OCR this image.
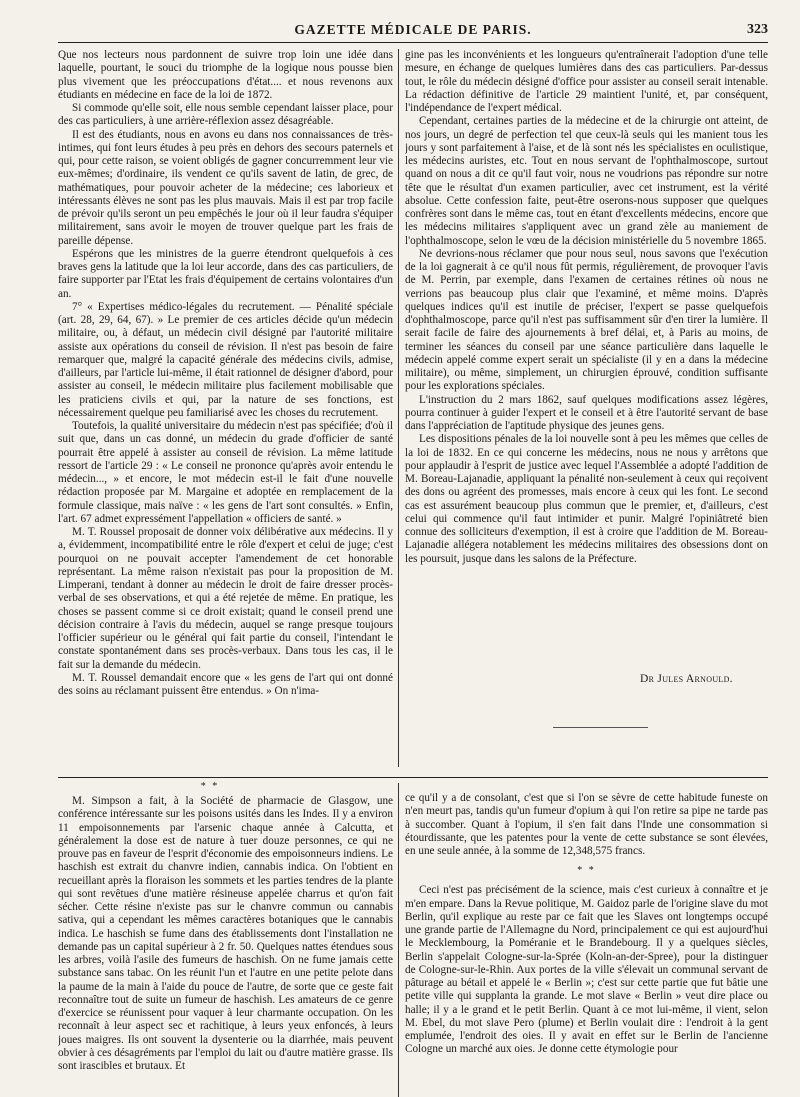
GAZETTE MÉDICALE DE PARIS.	323

Que nos lecteurs nous pardonnent de suivre trop loin une idée dans laquelle, pourtant, le souci du triomphe de la logique nous pousse bien plus vivement que les préoccupations d'état.... et nous revenons aux étudiants en médecine en face de la loi de 1872.

Si commode qu'elle soit, elle nous semble cependant laisser place, pour des cas particuliers, à une arrière-réflexion assez désagréable.

Il est des étudiants, nous en avons eu dans nos connaissances de très-intimes, qui font leurs études à peu près en dehors des secours paternels et qui, pour cette raison, se voient obligés de gagner concurremment leur vie eux-mêmes; d'ordinaire, ils vendent ce qu'ils savent de latin, de grec, de mathématiques, pour pouvoir acheter de la médecine; ces laborieux et intéressants élèves ne sont pas les plus mauvais. Mais il est par trop facile de prévoir qu'ils seront un peu empêchés le jour où il leur faudra s'équiper militairement, sans avoir le moyen de trouver quelque part les frais de pareille dépense.

Espérons que les ministres de la guerre étendront quelquefois à ces braves gens la latitude que la loi leur accorde, dans des cas particuliers, de faire supporter par l'Etat les frais d'équipement de certains volontaires d'un an.

7° « Expertises médico-légales du recrutement. — Pénalité spéciale (art. 28, 29, 64, 67). » Le premier de ces articles décide qu'un médecin militaire, ou, à défaut, un médecin civil désigné par l'autorité militaire assiste aux opérations du conseil de révision. Il n'est pas besoin de faire remarquer que, malgré la capacité générale des médecins civils, admise, d'ailleurs, par l'article lui-même, il était rationnel de désigner d'abord, pour assister au conseil, le médecin militaire plus facilement mobilisable que les praticiens civils et qui, par la nature de ses fonctions, est nécessairement quelque peu familiarisé avec les choses du recrutement.

Toutefois, la qualité universitaire du médecin n'est pas spécifiée; d'où il suit que, dans un cas donné, un médecin du grade d'officier de santé pourrait être appelé à assister au conseil de révision. La même latitude ressort de l'article 29 : « Le conseil ne prononce qu'après avoir entendu le médecin..., » et encore, le mot médecin est-il le fait d'une nouvelle rédaction proposée par M. Margaine et adoptée en remplacement de la formule classique, mais naïve : « les gens de l'art sont consultés. » Enfin, l'art. 67 admet expressément l'appellation « officiers de santé. »

M. T. Roussel proposait de donner voix délibérative aux médecins. Il y a, évidemment, incompatibilité entre le rôle d'expert et celui de juge; c'est pourquoi on ne pouvait accepter l'amendement de cet honorable représentant. La même raison n'existait pas pour la proposition de M. Limperani, tendant à donner au médecin le droit de faire dresser procès-verbal de ses observations, et qui a été rejetée de même. En pratique, les choses se passent comme si ce droit existait; quand le conseil prend une décision contraire à l'avis du médecin, auquel se range presque toujours l'officier supérieur ou le général qui fait partie du conseil, l'intendant le constate spontanément dans ses procès-verbaux. Dans tous les cas, il le fait sur la demande du médecin.

M. T. Roussel demandait encore que « les gens de l'art qui ont donné des soins au réclamant puissent être entendus. » On n'ima-

gine pas les inconvénients et les longueurs qu'entraînerait l'adoption d'une telle mesure, en échange de quelques lumières dans des cas particuliers. Par-dessus tout, le rôle du médecin désigné d'office pour assister au conseil serait intenable. La rédaction définitive de l'article 29 maintient l'unité, et, par conséquent, l'indépendance de l'expert médical.

Cependant, certaines parties de la médecine et de la chirurgie ont atteint, de nos jours, un degré de perfection tel que ceux-là seuls qui les manient tous les jours y sont parfaitement à l'aise, et de là sont nés les spécialistes en oculistique, les médecins auristes, etc. Tout en nous servant de l'ophthalmoscope, surtout quand on nous a dit ce qu'il faut voir, nous ne voudrions pas répondre sur notre tête que le résultat d'un examen particulier, avec cet instrument, est la vérité absolue. Cette confession faite, peut-être oserons-nous supposer que quelques confrères sont dans le même cas, tout en étant d'excellents médecins, encore que les médecins militaires s'appliquent avec un grand zèle au maniement de l'ophthalmoscope, selon le vœu de la décision ministérielle du 5 novembre 1865.

Ne devrions-nous réclamer que pour nous seul, nous savons que l'exécution de la loi gagnerait à ce qu'il nous fût permis, régulièrement, de provoquer l'avis de M. Perrin, par exemple, dans l'examen de certaines rétines où nous ne verrions pas beaucoup plus clair que l'examiné, et même moins. D'après quelques indices qu'il est inutile de préciser, l'expert se passe quelquefois d'ophthalmoscope, parce qu'il n'est pas suffisamment sûr d'en tirer la lumière. Il serait facile de faire des ajournements à bref délai, et, à Paris au moins, de terminer les séances du conseil par une séance particulière dans laquelle le médecin appelé comme expert serait un spécialiste (il y en a dans la médecine militaire), ou même, simplement, un chirurgien éprouvé, condition suffisante pour les explorations spéciales.

L'instruction du 2 mars 1862, sauf quelques modifications assez légères, pourra continuer à guider l'expert et le conseil et à être l'autorité servant de base dans l'appréciation de l'aptitude physique des jeunes gens.

Les dispositions pénales de la loi nouvelle sont à peu les mêmes que celles de la loi de 1832. En ce qui concerne les médecins, nous ne nous y arrêtons que pour applaudir à l'esprit de justice avec lequel l'Assemblée a adopté l'addition de M. Boreau-Lajanadie, appliquant la pénalité non-seulement à ceux qui reçoivent des dons ou agréent des promesses, mais encore à ceux qui les font. Le second cas est assurément beaucoup plus commun que le premier, et, d'ailleurs, c'est celui qui commence qu'il faut intimider et punir. Malgré l'opiniâtreté bien connue des solliciteurs d'exemption, il est à croire que l'addition de M. Boreau-Lajanadie allégera notablement les médecins militaires des obsessions dont on les poursuit, jusque dans les salons de la Préfecture.

Dr Jules Arnould.
* *

M. Simpson a fait, à la Société de pharmacie de Glasgow, une conférence intéressante sur les poisons usités dans les Indes. Il y a environ 11 empoisonnements par l'arsenic chaque année à Calcutta, et généralement la dose est de nature à tuer douze personnes, ce qui ne prouve pas en faveur de l'esprit d'économie des empoisonneurs indiens. Le haschish est extrait du chanvre indien, cannabis indica. On l'obtient en recueillant après la floraison les sommets et les parties tendres de la plante qui sont revêtues d'une matière résineuse appelée charrus et qu'on fait sécher. Cette résine n'existe pas sur le chanvre commun ou cannabis sativa, qui a cependant les mêmes caractères botaniques que le cannabis indica. Le haschish se fume dans des établissements dont l'installation ne demande pas un capital supérieur à 2 fr. 50. Quelques nattes étendues sous les arbres, voilà l'asile des fumeurs de haschish. On ne fume jamais cette substance sans tabac. On les réunit l'un et l'autre en une petite pelote dans la paume de la main à l'aide du pouce de l'autre, de sorte que ce geste fait reconnaître tout de suite un fumeur de haschish. Les amateurs de ce genre d'exercice se réunissent pour vaquer à leur charmante occupation. On les reconnaît à leur aspect sec et rachitique, à leurs yeux enfoncés, à leurs joues maigres. Ils ont souvent la dysenterie ou la diarrhée, mais peuvent obvier à ces désagréments par l'emploi du lait ou d'autre matière grasse. Ils sont irascibles et brutaux. Et

ce qu'il y a de consolant, c'est que si l'on se sèvre de cette habitude funeste on n'en meurt pas, tandis qu'un fumeur d'opium à qui l'on retire sa pipe ne tarde pas à succomber. Quant à l'opium, il s'en fait dans l'Inde une consommation si étourdissante, que les patentes pour la vente de cette substance se sont élevées, en une seule année, à la somme de 12,348,575 francs.

* *

Ceci n'est pas précisément de la science, mais c'est curieux à connaître et je m'en empare. Dans la Revue politique, M. Gaidoz parle de l'origine slave du mot Berlin, qu'il explique au reste par ce fait que les Slaves ont longtemps occupé une grande partie de l'Allemagne du Nord, principalement ce qui est aujourd'hui le Mecklembourg, la Poméranie et le Brandebourg. Il y a quelques siècles, Berlin s'appelait Cologne-sur-la-Sprée (Koln-an-der-Spree), pour la distinguer de Cologne-sur-le-Rhin. Aux portes de la ville s'élevait un communal servant de pâturage au bétail et appelé le « Berlin »; c'est sur cette partie que fut bâtie une petite ville qui supplanta la grande. Le mot slave « Berlin » veut dire place ou halle; il y a le grand et le petit Berlin. Quant à ce mot lui-même, il vient, selon M. Ebel, du mot slave Pero (plume) et Berlin voulait dire : l'endroit à la gent emplumée, l'endroit des oies. Il y avait en effet sur le Berlin de l'ancienne Cologne un marché aux oies. Je donne cette étymologie pour
